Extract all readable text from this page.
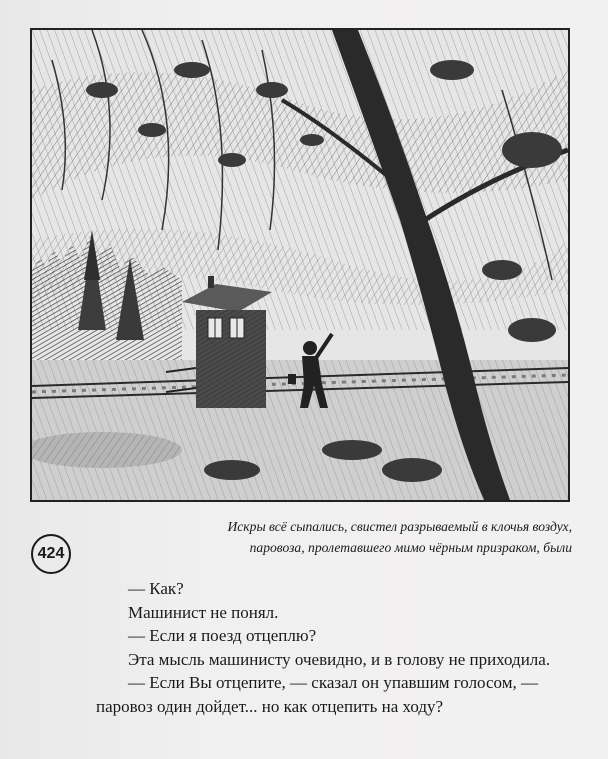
Искры всё сыпались, свистел разрываемый в клочья воздух,
паровоза, пролетавшего мимо чёрным призраком, были
424
— Как?
Машинист не понял.
— Если я поезд отцеплю?
Эта мысль машинисту очевидно, и в голову не приходила.
— Если Вы отцепите, — сказал он упавшим голосом, —
паровоз один дойдет... но как отцепить на ходу?
